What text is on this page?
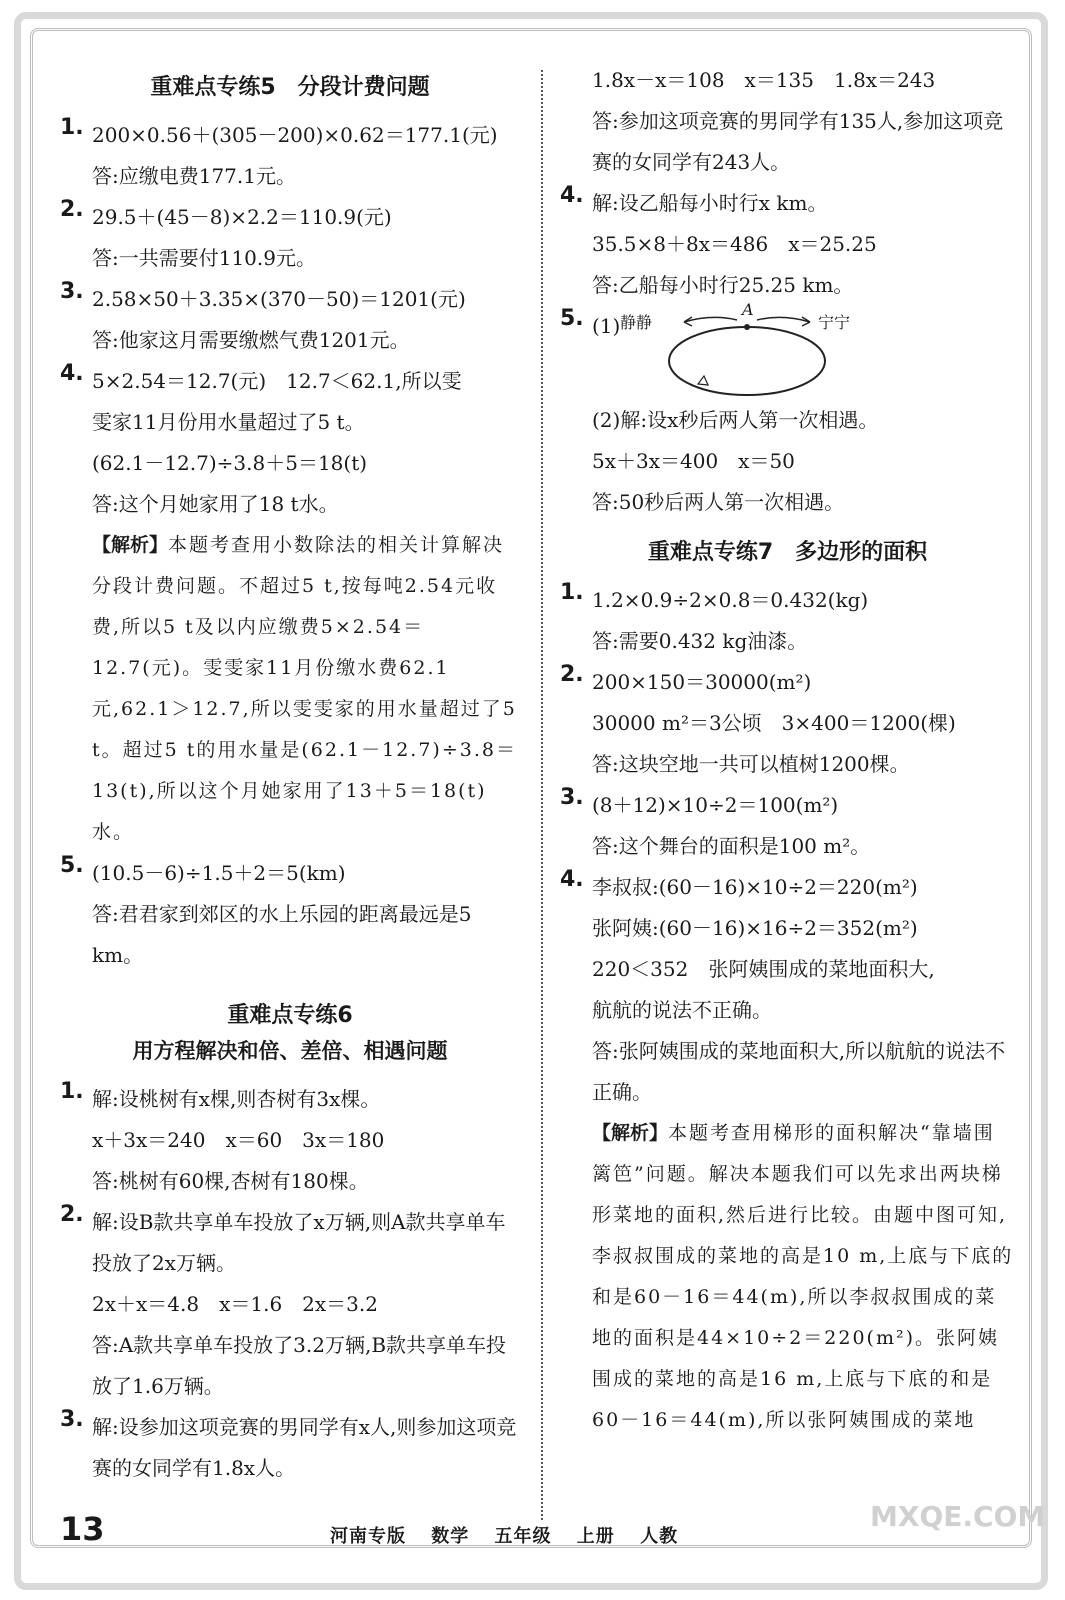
重难点专练5　分段计费问题
1. 200×0.56＋(305－200)×0.62＝177.1(元)
答:应缴电费177.1元。
2. 29.5＋(45－8)×2.2＝110.9(元)
答:一共需要付110.9元。
3. 2.58×50＋3.35×(370－50)＝1201(元)
答:他家这月需要缴燃气费1201元。
4. 5×2.54＝12.7(元)　12.7＜62.1,所以雯
雯家11月份用水量超过了5 t。
(62.1－12.7)÷3.8＋5＝18(t)
答:这个月她家用了18 t水。
【解析】本题考查用小数除法的相关计算解决分段计费问题。不超过5 t,按每吨2.54元收费,所以5 t及以内应缴费5×2.54＝12.7(元)。雯雯家11月份缴水费62.1元,62.1＞12.7,所以雯雯家的用水量超过了5 t。超过5 t的用水量是(62.1－12.7)÷3.8＝13(t),所以这个月她家用了13＋5＝18(t)水。
5. (10.5－6)÷1.5＋2＝5(km)
答:君君家到郊区的水上乐园的距离最远是5 km。
重难点专练6
用方程解决和倍、差倍、相遇问题
1. 解:设桃树有x棵,则杏树有3x棵。
x＋3x＝240　x＝60　3x＝180
答:桃树有60棵,杏树有180棵。
2. 解:设B款共享单车投放了x万辆,则A款共享单车投放了2x万辆。
2x＋x＝4.8　x＝1.6　2x＝3.2
答:A款共享单车投放了3.2万辆,B款共享单车投放了1.6万辆。
3. 解:设参加这项竞赛的男同学有x人,则参加这项竞赛的女同学有1.8x人。
1.8x－x＝108　x＝135　1.8x＝243
答:参加这项竞赛的男同学有135人,参加这项竞赛的女同学有243人。
4. 解:设乙船每小时行x km。
35.5×8＋8x＝486　x＝25.25
答:乙船每小时行25.25 km。
5. (1) 静静
A
宁宁
(2)解:设x秒后两人第一次相遇。
5x＋3x＝400　x＝50
答:50秒后两人第一次相遇。
重难点专练7　多边形的面积
1. 1.2×0.9÷2×0.8＝0.432(kg)
答:需要0.432 kg油漆。
2. 200×150＝30000(m²)
30000 m²＝3公顷　3×400＝1200(棵)
答:这块空地一共可以植树1200棵。
3. (8＋12)×10÷2＝100(m²)
答:这个舞台的面积是100 m²。
4. 李叔叔:(60－16)×10÷2＝220(m²)
张阿姨:(60－16)×16÷2＝352(m²)
220＜352　张阿姨围成的菜地面积大,
航航的说法不正确。
答:张阿姨围成的菜地面积大,所以航航的说法不正确。
【解析】本题考查用梯形的面积解决“靠墙围篱笆”问题。解决本题我们可以先求出两块梯形菜地的面积,然后进行比较。由题中图可知,李叔叔围成的菜地的高是10 m,上底与下底的和是60－16＝44(m),所以李叔叔围成的菜地的面积是44×10÷2＝220(m²)。张阿姨围成的菜地的高是16 m,上底与下底的和是60－16＝44(m),所以张阿姨围成的菜地
13	河南专版 数学 五年级 上册 人教
MXQE.COM
